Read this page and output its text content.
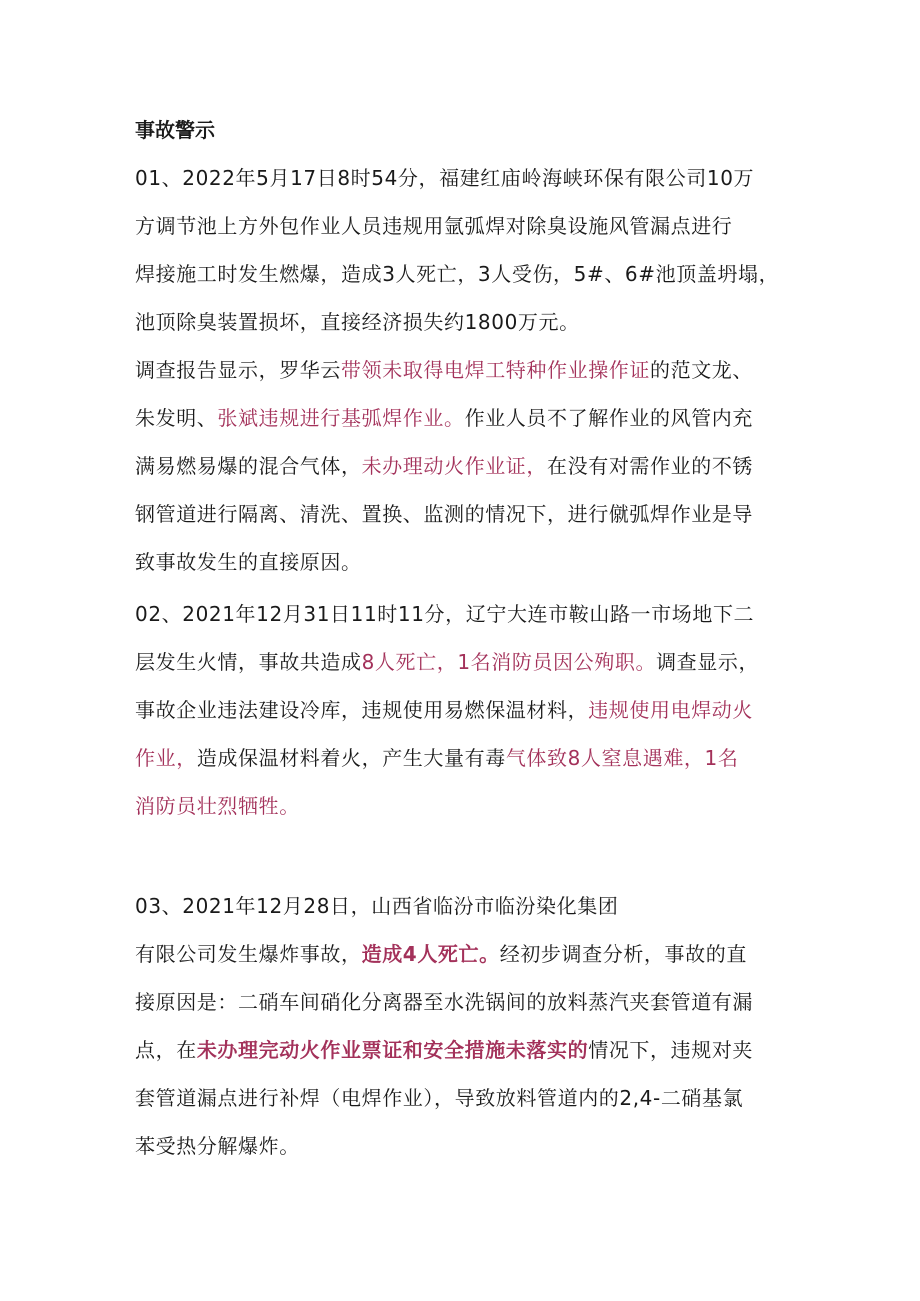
事故警示
01、2022年5月17日8时54分，福建红庙岭海峡环保有限公司10万
方调节池上方外包作业人员违规用氩弧焊对除臭设施风管漏点进行
焊接施工时发生燃爆，造成3人死亡，3人受伤，5#、6#池顶盖坍塌，
池顶除臭装置损坏，直接经济损失约1800万元。
调查报告显示，罗华云带领未取得电焊工特种作业操作证的范文龙、
朱发明、张斌违规进行基弧焊作业。作业人员不了解作业的风管内充
满易燃易爆的混合气体，未办理动火作业证，在没有对需作业的不锈
钢管道进行隔离、清洗、置换、监测的情况下，进行僦弧焊作业是导
致事故发生的直接原因。
02、2021年12月31日11时11分，辽宁大连市鞍山路一市场地下二
层发生火情，事故共造成8人死亡，1名消防员因公殉职。调查显示，
事故企业违法建设冷库，违规使用易燃保温材料，违规使用电焊动火
作业，造成保温材料着火，产生大量有毒气体致8人窒息遇难，1名
消防员壮烈牺牲。
03、2021年12月28日，山西省临汾市临汾染化集团
有限公司发生爆炸事故，造成4人死亡。经初步调查分析，事故的直
接原因是：二硝车间硝化分离器至水洗锅间的放料蒸汽夹套管道有漏
点，在未办理完动火作业票证和安全措施未落实的情况下，违规对夹
套管道漏点进行补焊（电焊作业），导致放料管道内的2,4-二硝基氯
苯受热分解爆炸。
